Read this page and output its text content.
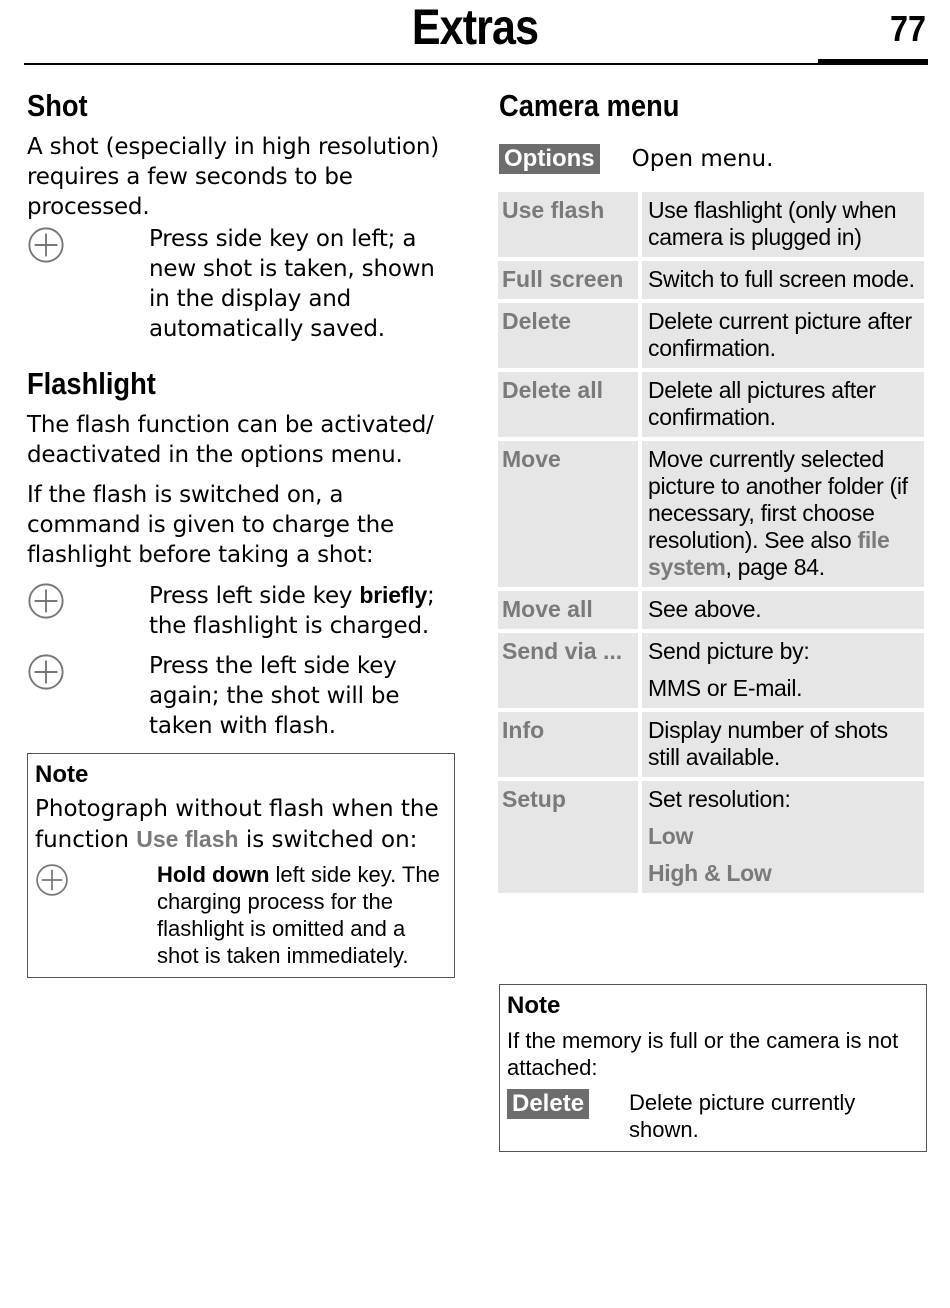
Extras	77
Shot

A shot (especially in high resolution) requires a few seconds to be processed.

Press side key on left; a new shot is taken, shown in the display and automatically saved.
Flashlight

The flash function can be activated/ deactivated in the options menu.

If the flash is switched on, a command is given to charge the flashlight before taking a shot:

Press left side key briefly; the flashlight is charged.
Press the left side key again; the shot will be taken with flash.
Note
Photograph without flash when the function Use flash is switched on:
Hold down left side key. The charging process for the flashlight is omitted and a shot is taken immediately.
Camera menu
Options Open menu.
Use flash	Use flashlight (only when camera is plugged in)
Full screen	Switch to full screen mode.
Delete	Delete current picture after confirmation.
Delete all	Delete all pictures after confirmation.
Move	Move currently selected picture to another folder (if necessary, first choose resolution). See also file system, page 84.
Move all	See above.
Send via ...	Send picture by:
MMS or E-mail.

Info	Display number of shots still available.
Setup	Set resolution:
Low
High & Low
Note
If the memory is full or the camera is not attached:
Delete	Delete picture currently shown.
